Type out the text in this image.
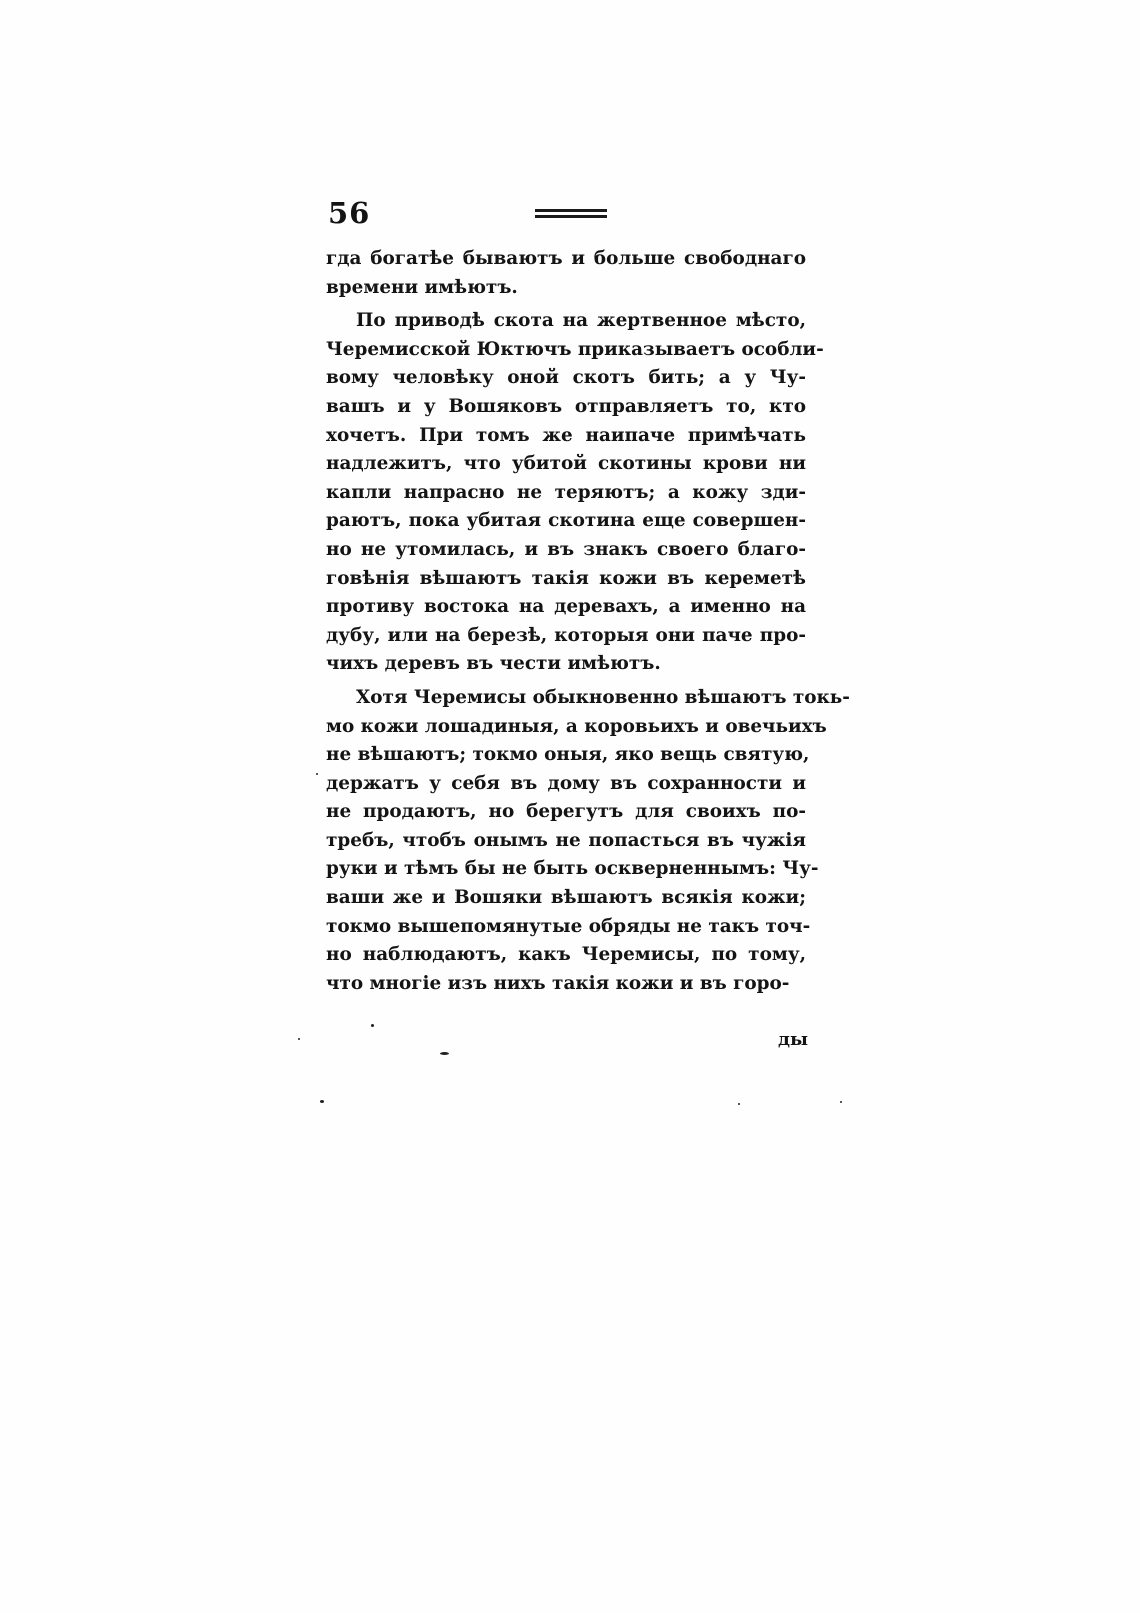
56
гда богатѣе бываютъ и больше свободнаго
времени имѣютъ.
По приводѣ скота на жертвенное мѣсто,
Черемисской Юктючъ приказываетъ особли-
вому человѣку оной скотъ бить; а у Чу-
вашъ и у Вошяковъ отправляетъ то, кто
хочетъ. При томъ же наипаче примѣчать
надлежитъ, что убитой скотины крови ни
капли напрасно не теряютъ; а кожу зди-
раютъ, пока убитая скотина еще совершен-
но не утомилась, и въ знакъ своего благо-
говѣнія вѣшаютъ такія кожи въ кереметѣ
противу востока на деревахъ, а именно на
дубу, или на березѣ, которыя они паче про-
чихъ деревъ въ чести имѣютъ.
Хотя Черемисы обыкновенно вѣшаютъ токь-
мо кожи лошадиныя, а коровьихъ и овечьихъ
не вѣшаютъ; токмо оныя, яко вещь святую,
держатъ у себя въ дому въ сохранности и
не продаютъ, но берегутъ для своихъ по-
требъ, чтобъ онымъ не попасться въ чужія
руки и тѣмъ бы не быть оскверненнымъ: Чу-
ваши же и Вошяки вѣшаютъ всякія кожи;
токмо вышепомянутые обряды не такъ точ-
но наблюдаютъ, какъ Черемисы, по тому,
что многіе изъ нихъ такія кожи и въ горо-
ды
